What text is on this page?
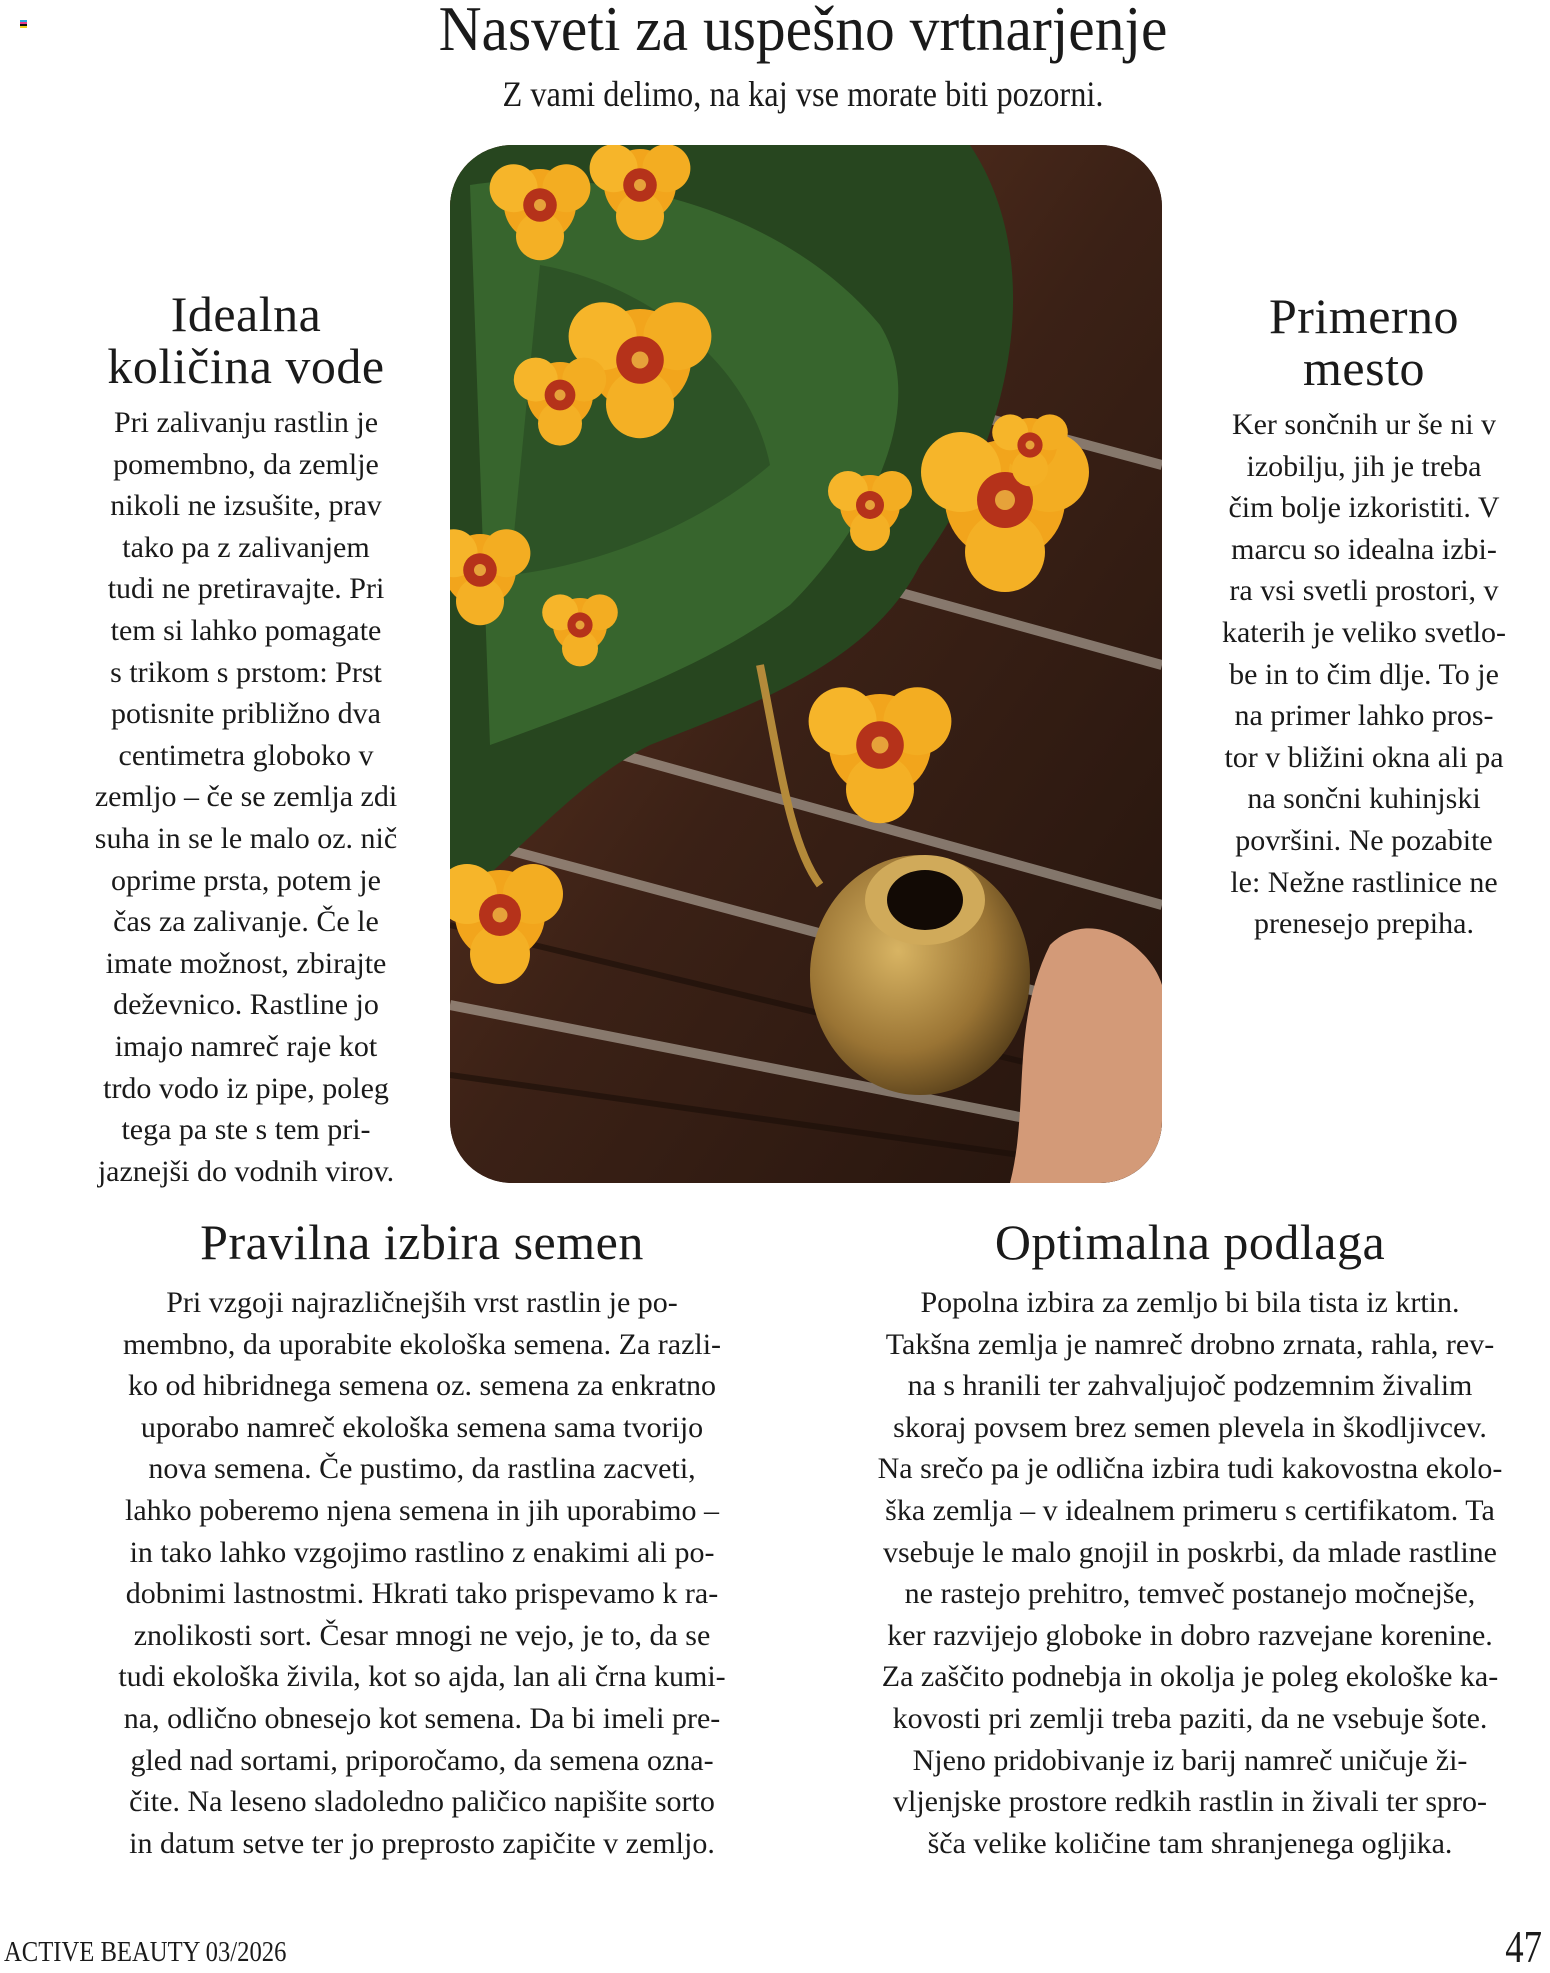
Nasveti za uspešno vrtnarjenje
Z vami delimo, na kaj vse morate biti pozorni.
Idealna
količina vode
Pri zalivanju rastlin je
pomembno, da zemlje
nikoli ne izsušite, prav
tako pa z zalivanjem
tudi ne pretiravajte. Pri
tem si lahko pomagate
s trikom s prstom: Prst
potisnite približno dva
centimetra globoko v
zemljo – če se zemlja zdi
suha in se le malo oz. nič
oprime prsta, potem je
čas za zalivanje. Če le
imate možnost, zbirajte
deževnico. Rastline jo
imajo namreč raje kot
trdo vodo iz pipe, poleg
tega pa ste s tem pri-
jaznejši do vodnih virov.
Primerno
mesto
Ker sončnih ur še ni v
izobilju, jih je treba
čim bolje izkoristiti. V
marcu so idealna izbi-
ra vsi svetli prostori, v
katerih je veliko svetlo-
be in to čim dlje. To je
na primer lahko pros-
tor v bližini okna ali pa
na sončni kuhinjski
površini. Ne pozabite
le: Nežne rastlinice ne
prenesejo prepiha.
Pravilna izbira semen
Pri vzgoji najrazličnejših vrst rastlin je po-
membno, da uporabite ekološka semena. Za razli-
ko od hibridnega semena oz. semena za enkratno
uporabo namreč ekološka semena sama tvorijo
nova semena. Če pustimo, da rastlina zacveti,
lahko poberemo njena semena in jih uporabimo –
in tako lahko vzgojimo rastlino z enakimi ali po-
dobnimi lastnostmi. Hkrati tako prispevamo k ra-
znolikosti sort. Česar mnogi ne vejo, je to, da se
tudi ekološka živila, kot so ajda, lan ali črna kumi-
na, odlično obnesejo kot semena. Da bi imeli pre-
gled nad sortami, priporočamo, da semena ozna-
čite. Na leseno sladoledno paličico napišite sorto
in datum setve ter jo preprosto zapičite v zemljo.
Optimalna podlaga
Popolna izbira za zemljo bi bila tista iz krtin.
Takšna zemlja je namreč drobno zrnata, rahla, rev-
na s hranili ter zahvaljujoč podzemnim živalim
skoraj povsem brez semen plevela in škodljivcev.
Na srečo pa je odlična izbira tudi kakovostna ekolo-
ška zemlja – v idealnem primeru s certifikatom. Ta
vsebuje le malo gnojil in poskrbi, da mlade rastline
ne rastejo prehitro, temveč postanejo močnejše,
ker razvijejo globoke in dobro razvejane korenine.
Za zaščito podnebja in okolja je poleg ekološke ka-
kovosti pri zemlji treba paziti, da ne vsebuje šote.
Njeno pridobivanje iz barij namreč uničuje ži-
vljenjske prostore redkih rastlin in živali ter spro-
šča velike količine tam shranjenega ogljika.
ACTIVE BEAUTY 03/2026	47
